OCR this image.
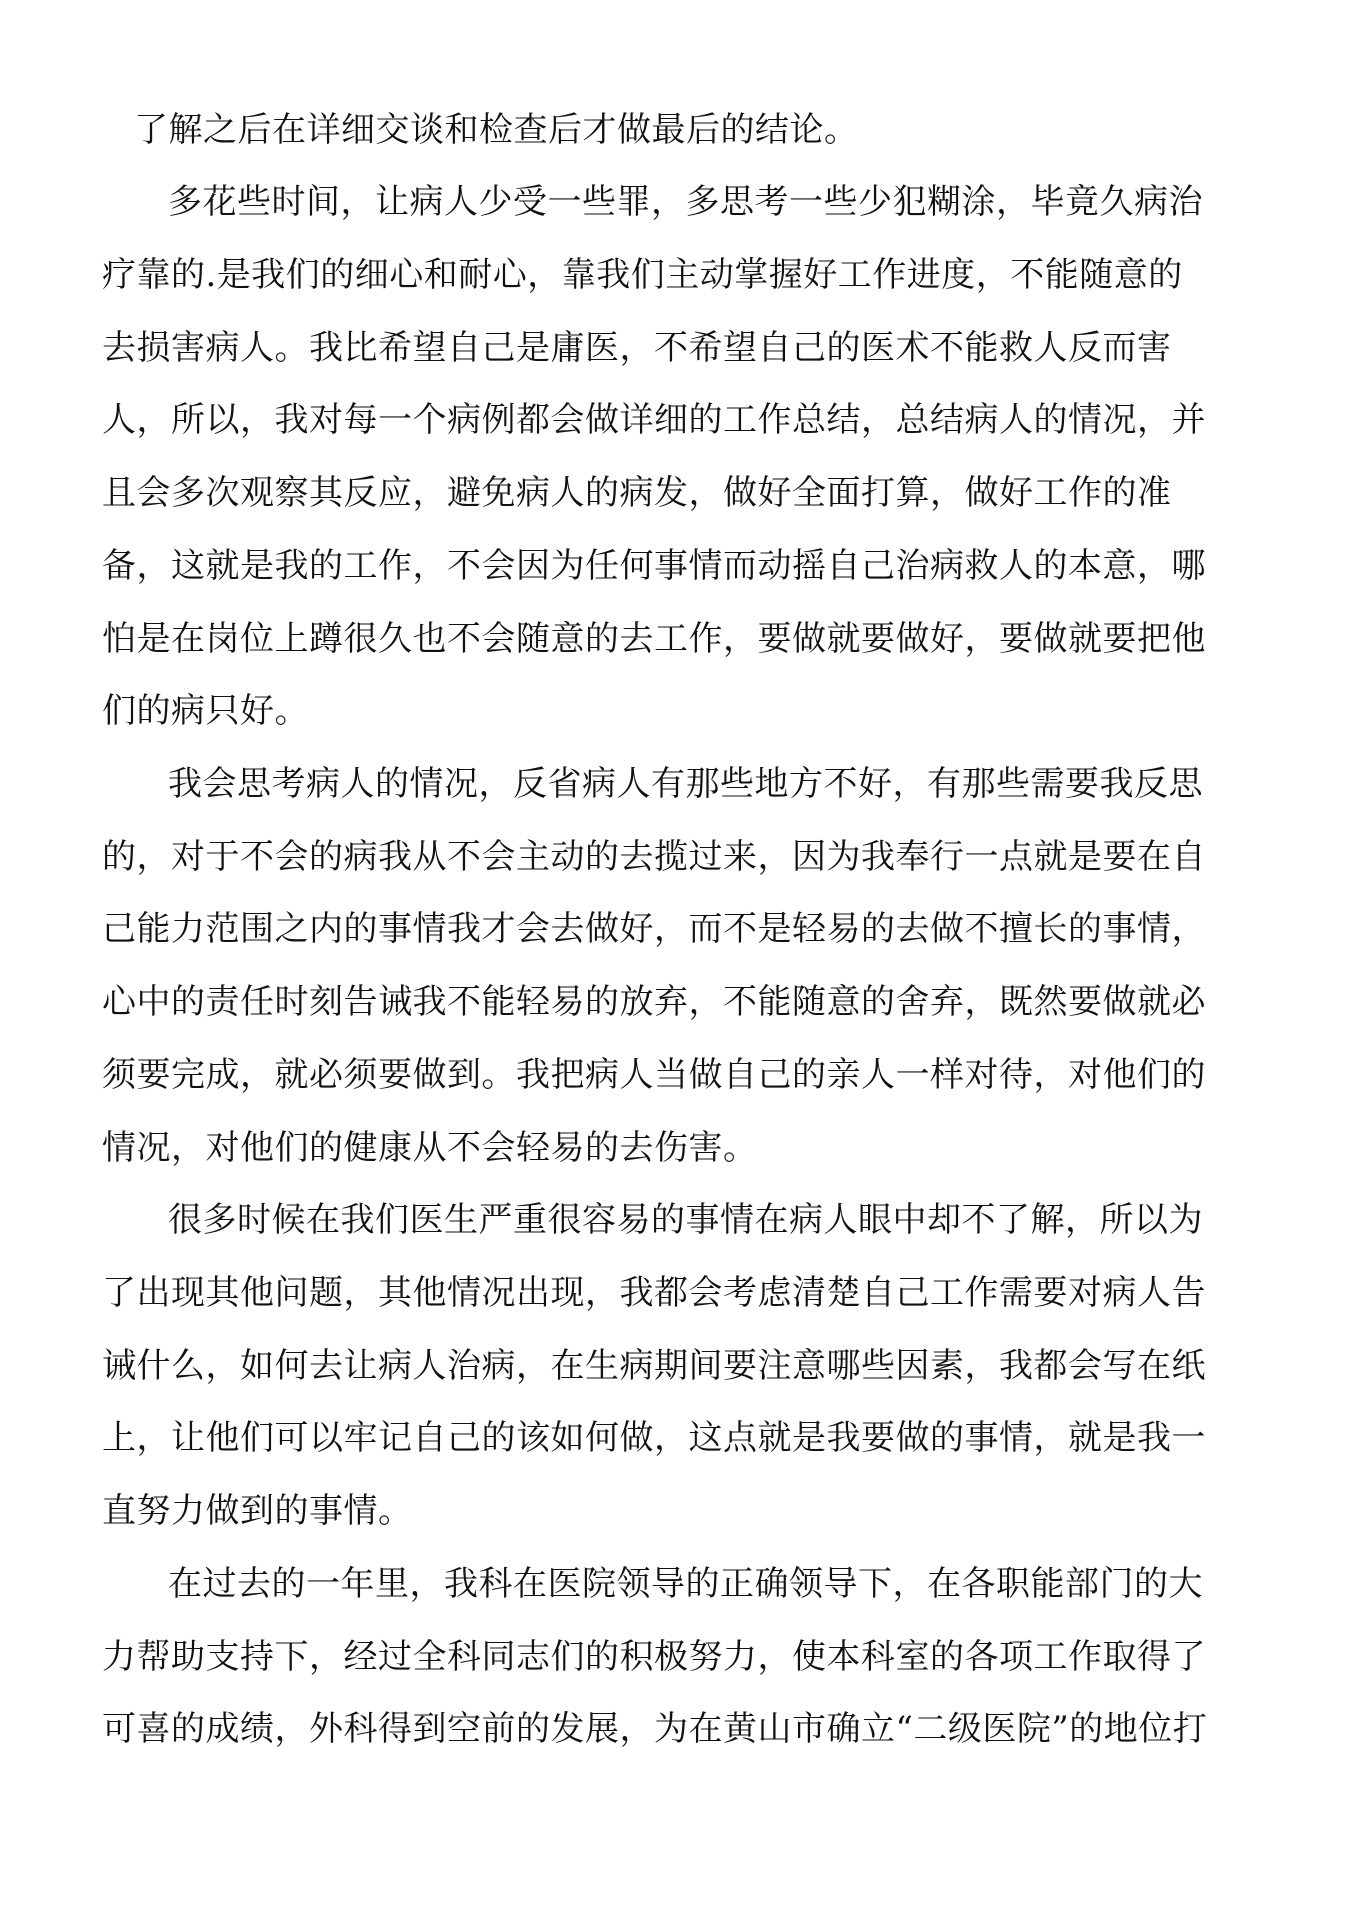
了解之后在详细交谈和检查后才做最后的结论。

多花些时间，让病人少受一些罪，多思考一些少犯糊涂，毕竟久病治

疗靠的.是我们的细心和耐心，靠我们主动掌握好工作进度，不能随意的

去损害病人。我比希望自己是庸医，不希望自己的医术不能救人反而害

人，所以，我对每一个病例都会做详细的工作总结，总结病人的情况，并

且会多次观察其反应，避免病人的病发，做好全面打算，做好工作的准

备，这就是我的工作，不会因为任何事情而动摇自己治病救人的本意，哪

怕是在岗位上蹲很久也不会随意的去工作，要做就要做好，要做就要把他

们的病只好。

我会思考病人的情况，反省病人有那些地方不好，有那些需要我反思

的，对于不会的病我从不会主动的去揽过来，因为我奉行一点就是要在自

己能力范围之内的事情我才会去做好，而不是轻易的去做不擅长的事情，

心中的责任时刻告诫我不能轻易的放弃，不能随意的舍弃，既然要做就必

须要完成，就必须要做到。我把病人当做自己的亲人一样对待，对他们的

情况，对他们的健康从不会轻易的去伤害。

很多时候在我们医生严重很容易的事情在病人眼中却不了解，所以为

了出现其他问题，其他情况出现，我都会考虑清楚自己工作需要对病人告

诫什么，如何去让病人治病，在生病期间要注意哪些因素，我都会写在纸

上，让他们可以牢记自己的该如何做，这点就是我要做的事情，就是我一

直努力做到的事情。

在过去的一年里，我科在医院领导的正确领导下，在各职能部门的大

力帮助支持下，经过全科同志们的积极努力，使本科室的各项工作取得了

可喜的成绩，外科得到空前的发展，为在黄山市确立“二级医院”的地位打
